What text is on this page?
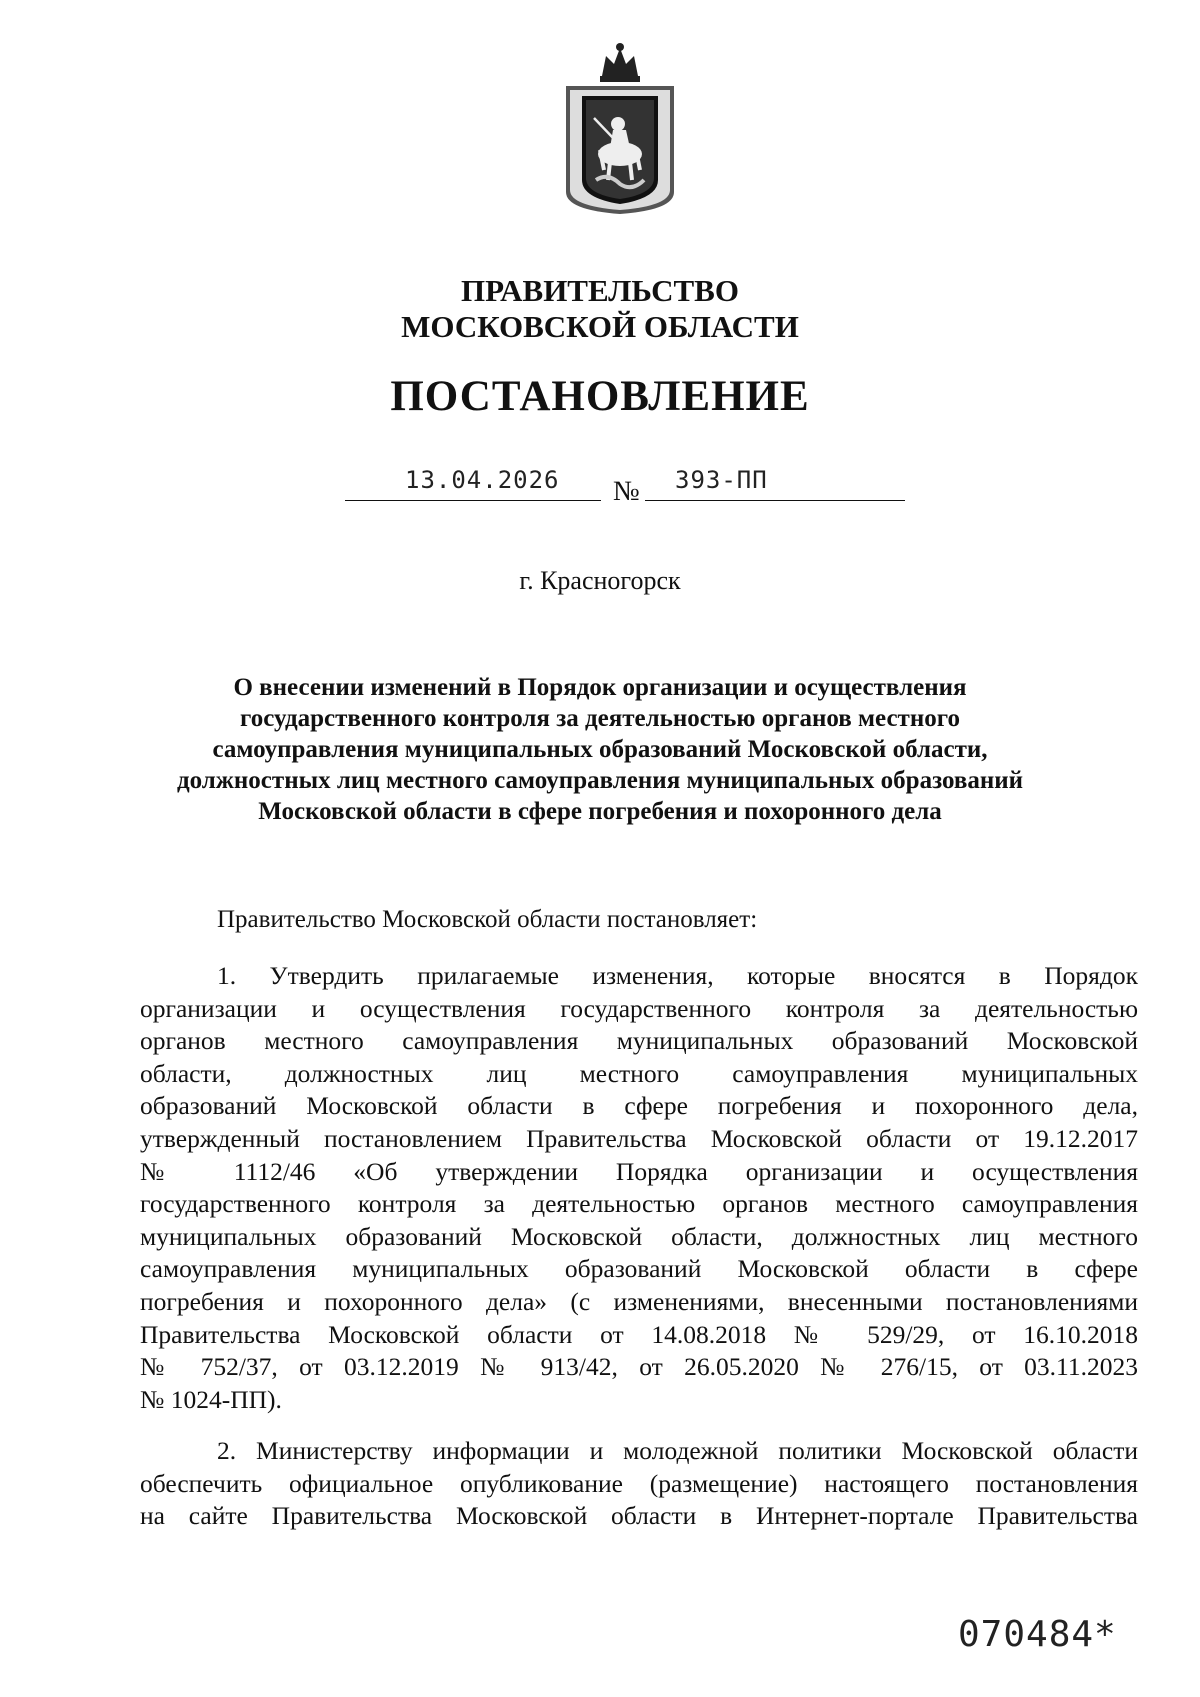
ПРАВИТЕЛЬСТВО
МОСКОВСКОЙ ОБЛАСТИ
ПОСТАНОВЛЕНИЕ
13.04.2026 № 393-ПП
г. Красногорск
О внесении изменений в Порядок организации и осуществления
государственного контроля за деятельностью органов местного
самоуправления муниципальных образований Московской области,
должностных лиц местного самоуправления муниципальных образований
Московской области в сфере погребения и похоронного дела
Правительство Московской области постановляет:
1. Утвердить прилагаемые изменения, которые вносятся в Порядок
организации и осуществления государственного контроля за деятельностью
органов местного самоуправления муниципальных образований Московской
области, должностных лиц местного самоуправления муниципальных
образований Московской области в сфере погребения и похоронного дела,
утвержденный постановлением Правительства Московской области от 19.12.2017
№ 1112/46 «Об утверждении Порядка организации и осуществления
государственного контроля за деятельностью органов местного самоуправления
муниципальных образований Московской области, должностных лиц местного
самоуправления муниципальных образований Московской области в сфере
погребения и похоронного дела» (с изменениями, внесенными постановлениями
Правительства Московской области от 14.08.2018 № 529/29, от 16.10.2018
№ 752/37, от 03.12.2019 № 913/42, от 26.05.2020 № 276/15, от 03.11.2023
№ 1024-ПП).
2. Министерству информации и молодежной политики Московской области
обеспечить официальное опубликование (размещение) настоящего постановления
на сайте Правительства Московской области в Интернет-портале Правительства
070484*
